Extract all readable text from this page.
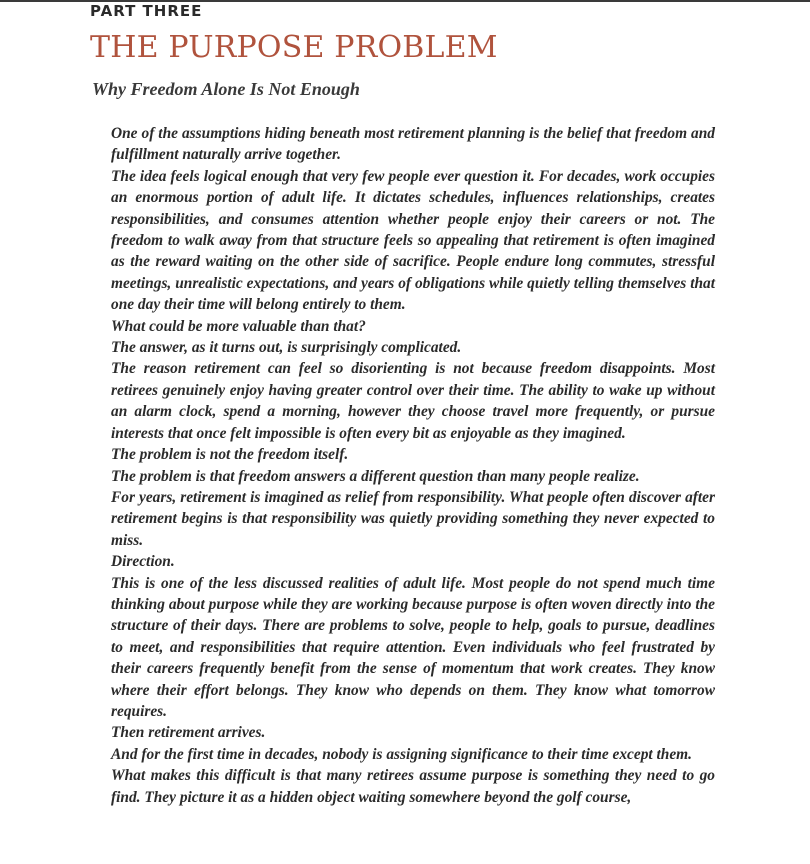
PART THREE
THE PURPOSE PROBLEM
Why Freedom Alone Is Not Enough

One of the assumptions hiding beneath most retirement planning is the belief that freedom and fulfillment naturally arrive together.

The idea feels logical enough that very few people ever question it. For decades, work occupies an enormous portion of adult life. It dictates schedules, influences relationships, creates responsibilities, and consumes attention whether people enjoy their careers or not. The freedom to walk away from that structure feels so appealing that retirement is often imagined as the reward waiting on the other side of sacrifice. People endure long commutes, stressful meetings, unrealistic expectations, and years of obligations while quietly telling themselves that one day their time will belong entirely to them.

What could be more valuable than that?

The answer, as it turns out, is surprisingly complicated.

The reason retirement can feel so disorienting is not because freedom disappoints. Most retirees genuinely enjoy having greater control over their time. The ability to wake up without an alarm clock, spend a morning, however they choose travel more frequently, or pursue interests that once felt impossible is often every bit as enjoyable as they imagined.

The problem is not the freedom itself.

The problem is that freedom answers a different question than many people realize.

For years, retirement is imagined as relief from responsibility. What people often discover after retirement begins is that responsibility was quietly providing something they never expected to miss.

Direction.

This is one of the less discussed realities of adult life. Most people do not spend much time thinking about purpose while they are working because purpose is often woven directly into the structure of their days. There are problems to solve, people to help, goals to pursue, deadlines to meet, and responsibilities that require attention. Even individuals who feel frustrated by their careers frequently benefit from the sense of momentum that work creates. They know where their effort belongs. They know who depends on them. They know what tomorrow requires.

Then retirement arrives.

And for the first time in decades, nobody is assigning significance to their time except them.

What makes this difficult is that many retirees assume purpose is something they need to go find. They picture it as a hidden object waiting somewhere beyond the golf course,
